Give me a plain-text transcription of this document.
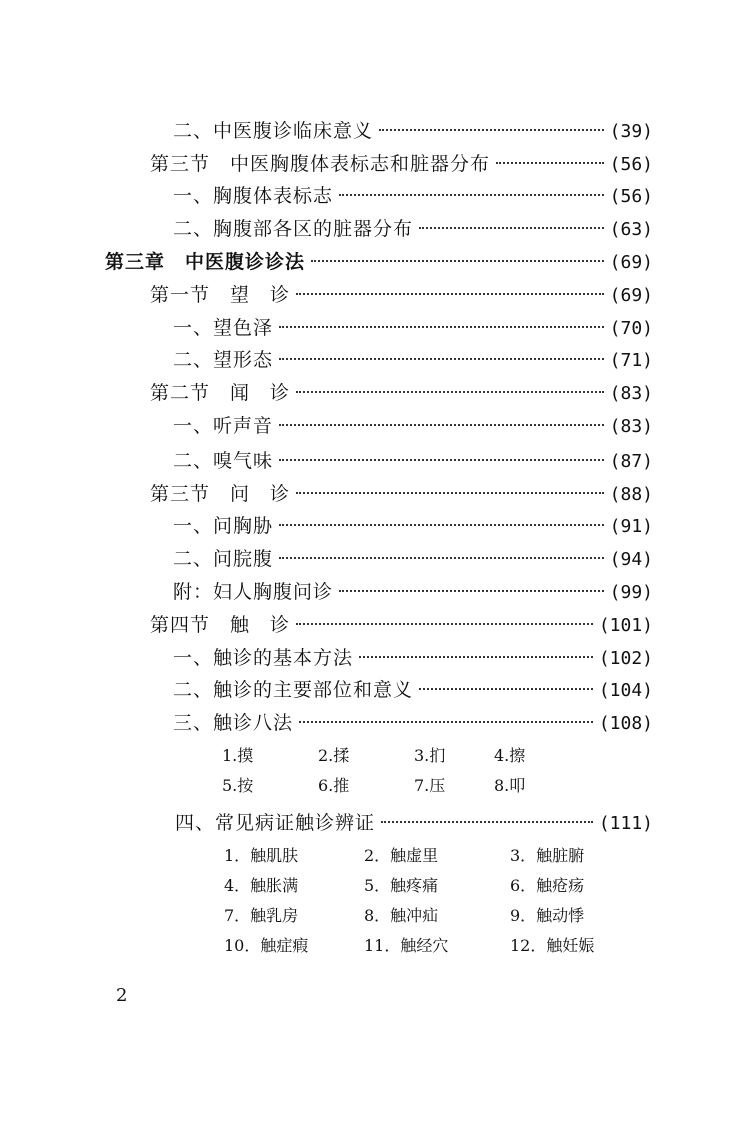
二、中医腹诊临床意义	(39)
第三节　中医胸腹体表标志和脏器分布	(56)
一、胸腹体表标志	(56)
二、胸腹部各区的脏器分布	(63)
第三章　中医腹诊诊法	(69)
第一节　望　诊	(69)
一、望色泽	(70)
二、望形态	(71)
第二节　闻　诊	(83)
一、听声音	(83)
二、嗅气味	(87)
第三节　问　诊	(88)
一、问胸胁	(91)
二、问脘腹	(94)
附：妇人胸腹问诊	(99)
第四节　触　诊	(101)
一、触诊的基本方法	(102)
二、触诊的主要部位和意义	(104)
三、触诊八法	(108)
1.摸	2.揉	3.扪	4.擦
5.按	6.推	7.压	8.叩
四、常见病证触诊辨证	(111)
1．触肌肤	2．触虚里	3．触脏腑
4．触胀满	5．触疼痛	6．触疮疡
7．触乳房	8．触冲疝	9．触动悸
10．触症瘕	11．触经穴	12．触妊娠
2
